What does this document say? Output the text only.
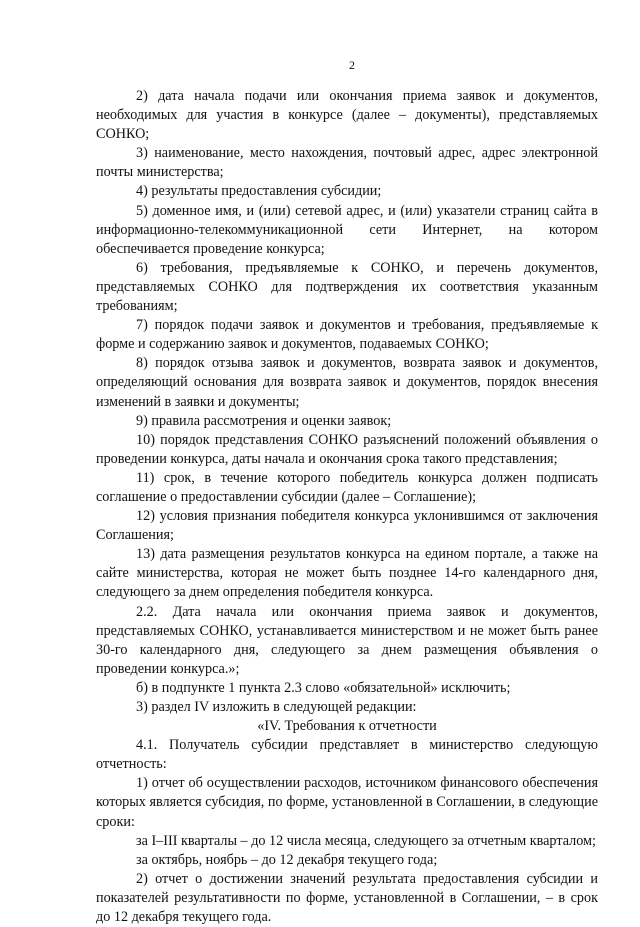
2

2) дата начала подачи или окончания приема заявок и документов, необходимых для участия в конкурсе (далее – документы), представляемых СОНКО;

3) наименование, место нахождения, почтовый адрес, адрес электронной почты министерства;

4) результаты предоставления субсидии;

5) доменное имя, и (или) сетевой адрес, и (или) указатели страниц сайта в информационно-телекоммуникационной сети Интернет, на котором обеспечивается проведение конкурса;

6) требования, предъявляемые к СОНКО, и перечень документов, представляемых СОНКО для подтверждения их соответствия указанным требованиям;

7) порядок подачи заявок и документов и требования, предъявляемые к форме и содержанию заявок и документов, подаваемых СОНКО;

8) порядок отзыва заявок и документов, возврата заявок и документов, определяющий основания для возврата заявок и документов, порядок внесения изменений в заявки и документы;

9) правила рассмотрения и оценки заявок;

10) порядок представления СОНКО разъяснений положений объявления о проведении конкурса, даты начала и окончания срока такого представления;

11) срок, в течение которого победитель конкурса должен подписать соглашение о предоставлении субсидии (далее – Соглашение);

12) условия признания победителя конкурса уклонившимся от заключения Соглашения;

13) дата размещения результатов конкурса на едином портале, а также на сайте министерства, которая не может быть позднее 14-го календарного дня, следующего за днем определения победителя конкурса.

2.2. Дата начала или окончания приема заявок и документов, представляемых СОНКО, устанавливается министерством и не может быть ранее 30-го календарного дня, следующего за днем размещения объявления о проведении конкурса.»;

б) в подпункте 1 пункта 2.3 слово «обязательной» исключить;

3) раздел IV изложить в следующей редакции:

«IV. Требования к отчетности

4.1. Получатель субсидии представляет в министерство следующую отчетность:

1) отчет об осуществлении расходов, источником финансового обеспечения которых является субсидия, по форме, установленной в Соглашении, в следующие сроки:

за I–III кварталы – до 12 числа месяца, следующего за отчетным кварталом;

за октябрь, ноябрь – до 12 декабря текущего года;

2) отчет о достижении значений результата предоставления субсидии и показателей результативности по форме, установленной в Соглашении, – в срок до 12 декабря текущего года.
